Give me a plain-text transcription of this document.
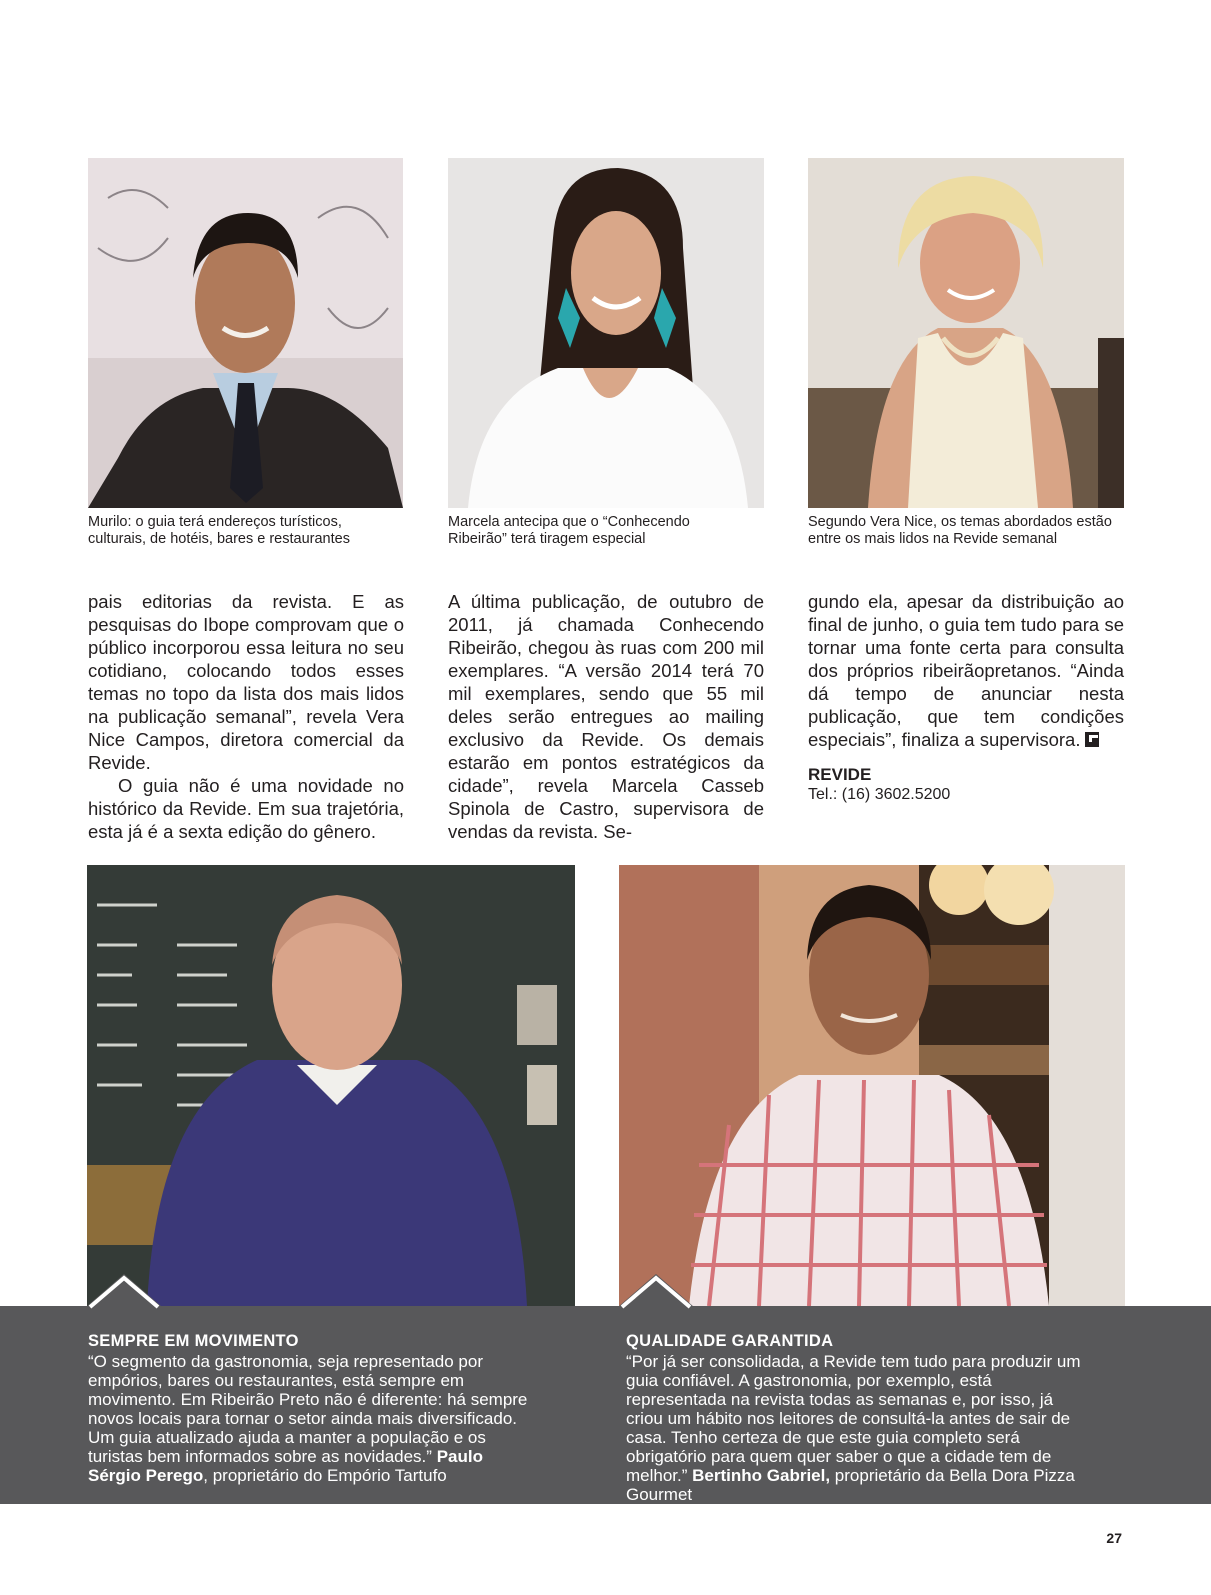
Murilo: o guia terá endereços turísticos, culturais, de hotéis, bares e restaurantes
Marcela antecipa que o “Conhecendo Ribeirão” terá tiragem especial
Segundo Vera Nice, os temas abordados estão entre os mais lidos na Revide semanal

pais editorias da revista. E as pesquisas do Ibope comprovam que o público incorporou essa leitura no seu cotidiano, colocando todos esses temas no topo da lista dos mais lidos na publicação semanal”, revela Vera Nice Campos, diretora comercial da Revide.

O guia não é uma novidade no histórico da Revide. Em sua trajetória, esta já é a sexta edição do gênero.

A última publicação, de outubro de 2011, já chamada Conhecendo Ribeirão, chegou às ruas com 200 mil exemplares. “A versão 2014 terá 70 mil exemplares, sendo que 55 mil deles serão entregues ao mailing exclusivo da Revide. Os demais estarão em pontos estratégicos da cidade”, revela Marcela Casseb Spinola de Castro, supervisora de vendas da revista. Se-

gundo ela, apesar da distribuição ao final de junho, o guia tem tudo para se tornar uma fonte certa para consulta dos próprios ribeirãopretanos. “Ainda dá tempo de anunciar nesta publicação, que tem condições especiais”, finaliza a supervisora.

REVIDE
Tel.: (16) 3602.5200
SEMPRE EM MOVIMENTO
“O segmento da gastronomia, seja representado por empórios, bares ou restaurantes, está sempre em movimento. Em Ribeirão Preto não é diferente: há sempre novos locais para tornar o setor ainda mais diversificado. Um guia atualizado ajuda a manter a população e os turistas bem informados sobre as novidades.” Paulo Sérgio Perego, proprietário do Empório Tartufo
QUALIDADE GARANTIDA
“Por já ser consolidada, a Revide tem tudo para produzir um guia confiável. A gastronomia, por exemplo, está representada na revista todas as semanas e, por isso, já criou um hábito nos leitores de consultá-la antes de sair de casa. Tenho certeza de que este guia completo será obrigatório para quem quer saber o que a cidade tem de melhor.” Bertinho Gabriel, proprietário da Bella Dora Pizza Gourmet
27
